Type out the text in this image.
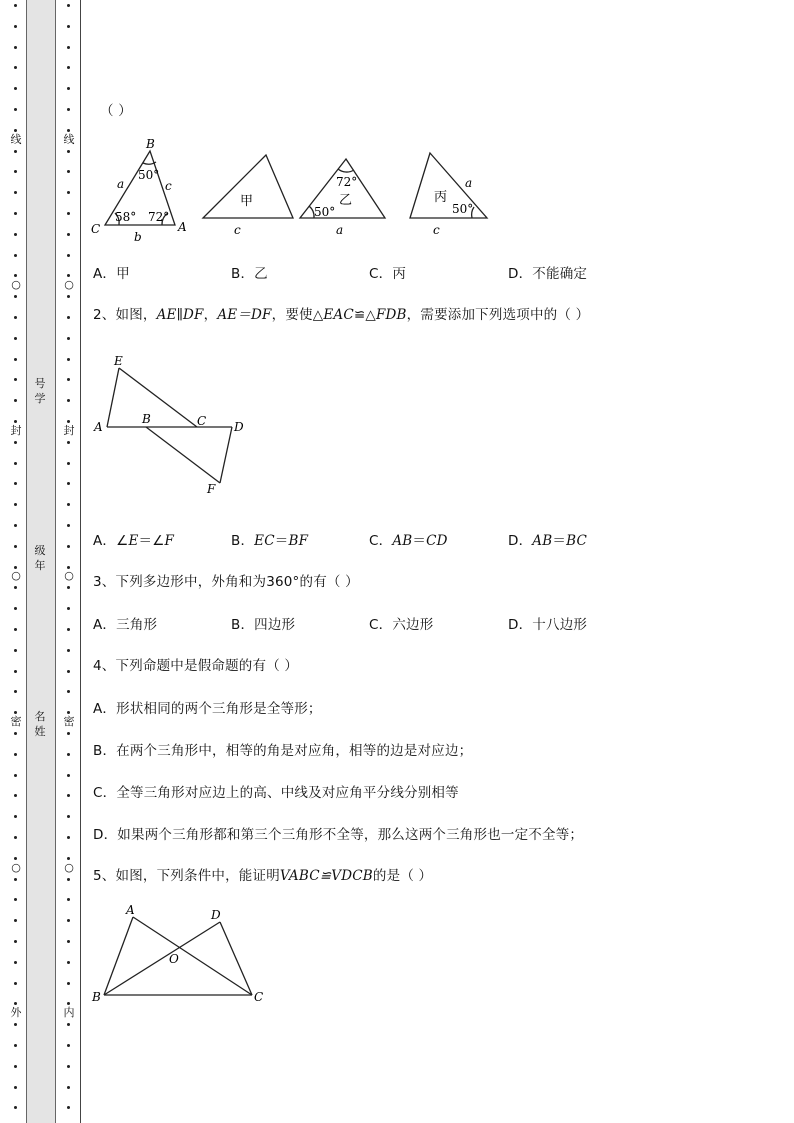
线
○
封
○
密
○
外
线
○
封
○
密
○
内
号学
级年
名姓
（ ）
B
C	A
a	c
b
50°
58° 72°
甲
c
72°
乙
50°
a
丙
a
50°
c
A．甲	B．乙	C．丙	D．不能确定
2、如图，AE∥DF，AE＝DF，要使△EAC≌△FDB，需要添加下列选项中的（ ）
E
A
B	C D
F
A．∠E＝∠F	B．EC＝BF	C．AB＝CD	D．AB＝BC
3、下列多边形中，外角和为360°的有（ ）
A．三角形	B．四边形	C．六边形	D．十八边形
4、下列命题中是假命题的有（ ）
A．形状相同的两个三角形是全等形；
B．在两个三角形中，相等的角是对应角，相等的边是对应边；
C．全等三角形对应边上的高、中线及对应角平分线分别相等
D．如果两个三角形都和第三个三角形不全等，那么这两个三角形也一定不全等；
5、如图，下列条件中，能证明VABC≌VDCB的是（ ）
A	D
O
B	C
